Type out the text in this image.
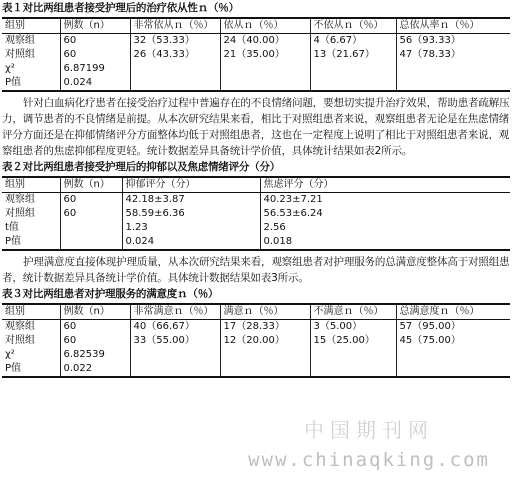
表１对比两组患者接受护理后的治疗依从性ｎ（％）
组别	例数（n）	非常依从ｎ（％）	依从ｎ（％）	不依从ｎ（％）	总依从率ｎ（％）
观察组	60	32（53.33）	24（40.00）	4（6.67）	56（93.33）
对照组	60	26（43.33）	21（35.00）	13（21.67）	47（78.33）
χ²	6.87199				
P值	0.024				

针对白血病化疗患者在接受治疗过程中普遍存在的不良情绪问题，要想切实提升治疗效果，帮助患者疏解压力，调节患者的不良情绪是前提。从本次研究结果来看，相比于对照组患者来说，观察组患者无论是在焦虑情绪评分方面还是在抑郁情绪评分方面整体均低于对照组患者，这也在一定程度上说明了相比于对照组患者来说，观察组患者的焦虑抑郁程度更轻。统计数据差异具备统计学价值，具体统计结果如表2所示。

表２对比两组患者接受护理后的抑郁以及焦虑情绪评分（分）
组别	例数（n）	抑郁评分（分）	焦虑评分（分）
观察组	60	42.18±3.87	40.23±7.21
对照组	60	58.59±6.36	56.53±6.24
t值		1.23	2.56
P值		0.024	0.018

护理满意度直接体现护理质量，从本次研究结果来看，观察组患者对护理服务的总满意度整体高于对照组患者，统计数据差异具备统计学价值。具体统计数据结果如表3所示。

表３对比两组患者对护理服务的满意度ｎ（％）
组别	例数（n）	非常满意ｎ（％）	满意ｎ（％）	不满意ｎ（％）	总满意度ｎ（％）
观察组	60	40（66.67）	17（28.33）	3（5.00）	57（95.00）
对照组	60	33（55.00）	12（20.00）	15（25.00）	45（75.00）
χ²	6.82539				
P值	0.022				
中国期刊网
www.chinaqking.com
